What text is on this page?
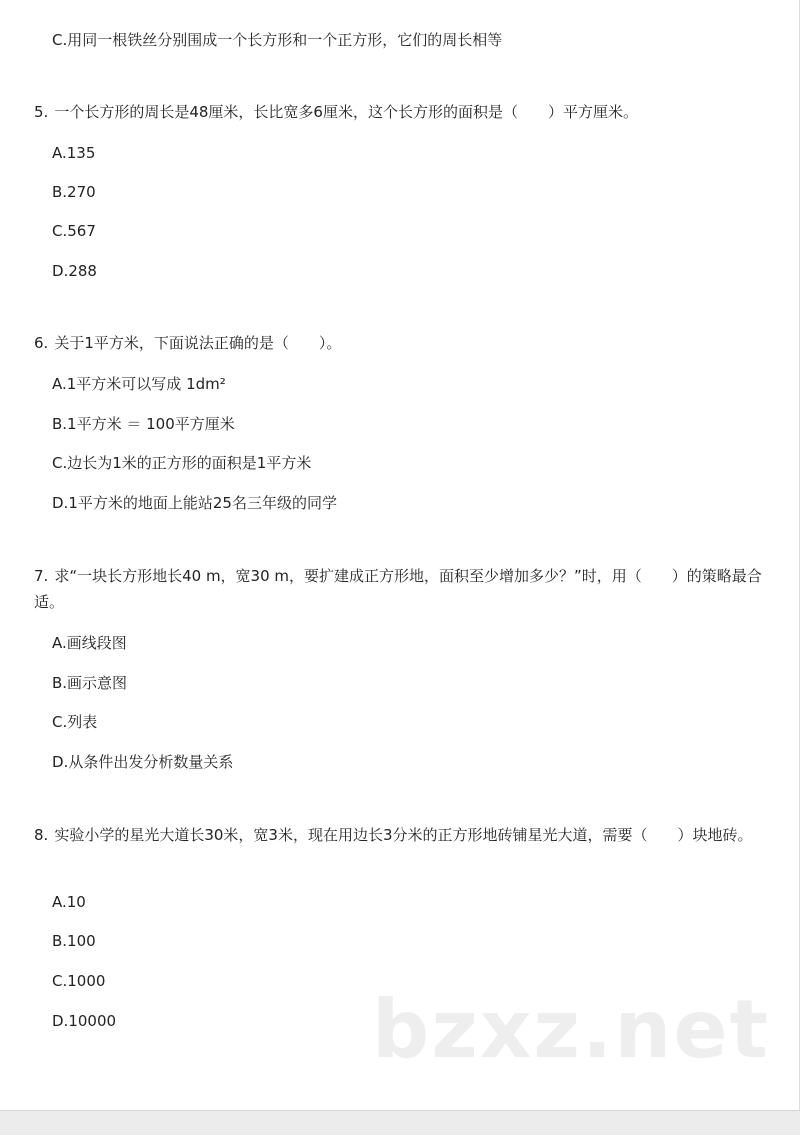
C.用同一根铁丝分别围成一个长方形和一个正方形，它们的周长相等

5. 一个长方形的周长是48厘米，长比宽多6厘米，这个长方形的面积是（　　）平方厘米。

A.135

B.270

C.567

D.288

6. 关于1平方米，下面说法正确的是（　　）。

A.1平方米可以写成 1dm²

B.1平方米 ＝ 100平方厘米

C.边长为1米的正方形的面积是1平方米

D.1平方米的地面上能站25名三年级的同学

7. 求“一块长方形地长40 m，宽30 m，要扩建成正方形地，面积至少增加多少？”时，用（　　）的策略最合适。

A.画线段图

B.画示意图

C.列表

D.从条件出发分析数量关系

8. 实验小学的星光大道长30米，宽3米，现在用边长3分米的正方形地砖铺星光大道，需要（　　）块地砖。

A.10

B.100

C.1000

D.10000	bzxz.net
